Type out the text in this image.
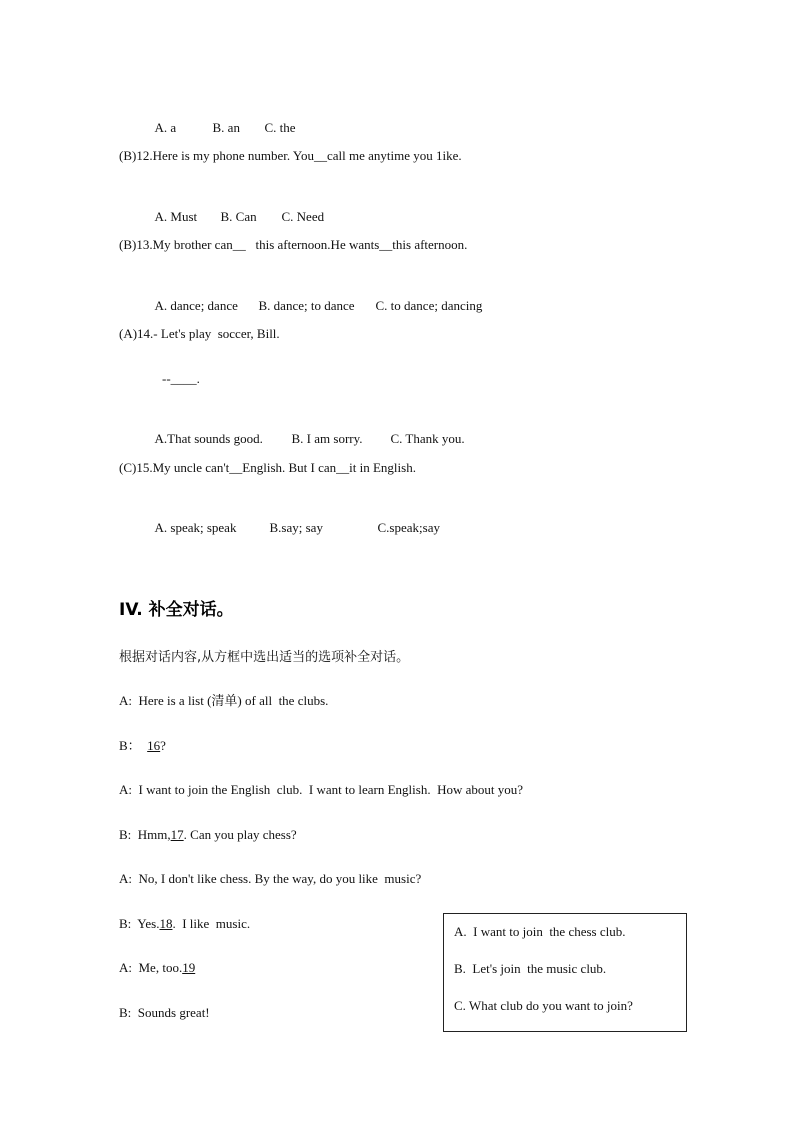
A. a	B. an C. the

(B)12.Here is my phone number. You__call me anytime you 1ike.

A. Must B. Can C. Need

(B)13.My brother can__   this afternoon.He wants__this afternoon.

A. dance; dance B. dance; to dance C. to dance; dancing

(A)14.- Let's play  soccer, Bill.
--____.

A.That sounds good. B. I am sorry. C. Thank you.

(C)15.My uncle can't__English. But I can__it in English.

A. speak; speak	B.say; say	C.speak;say

IV. 补全对话。
根据对话内容,从方框中选出适当的选项补全对话。
A:  Here is a list (清单) of all  the clubs.
B：  16?
A:  I want to join the English  club.  I want to learn English.  How about you?
B:  Hmm,17. Can you play chess?
A:  No, I don't like chess. By the way, do you like  music?
B:  Yes.18.  I like  music.
A:  Me, too.19
B:  Sounds great!
A.  I want to join  the chess club.
B.  Let's join  the music club.
C. What club do you want to join?
